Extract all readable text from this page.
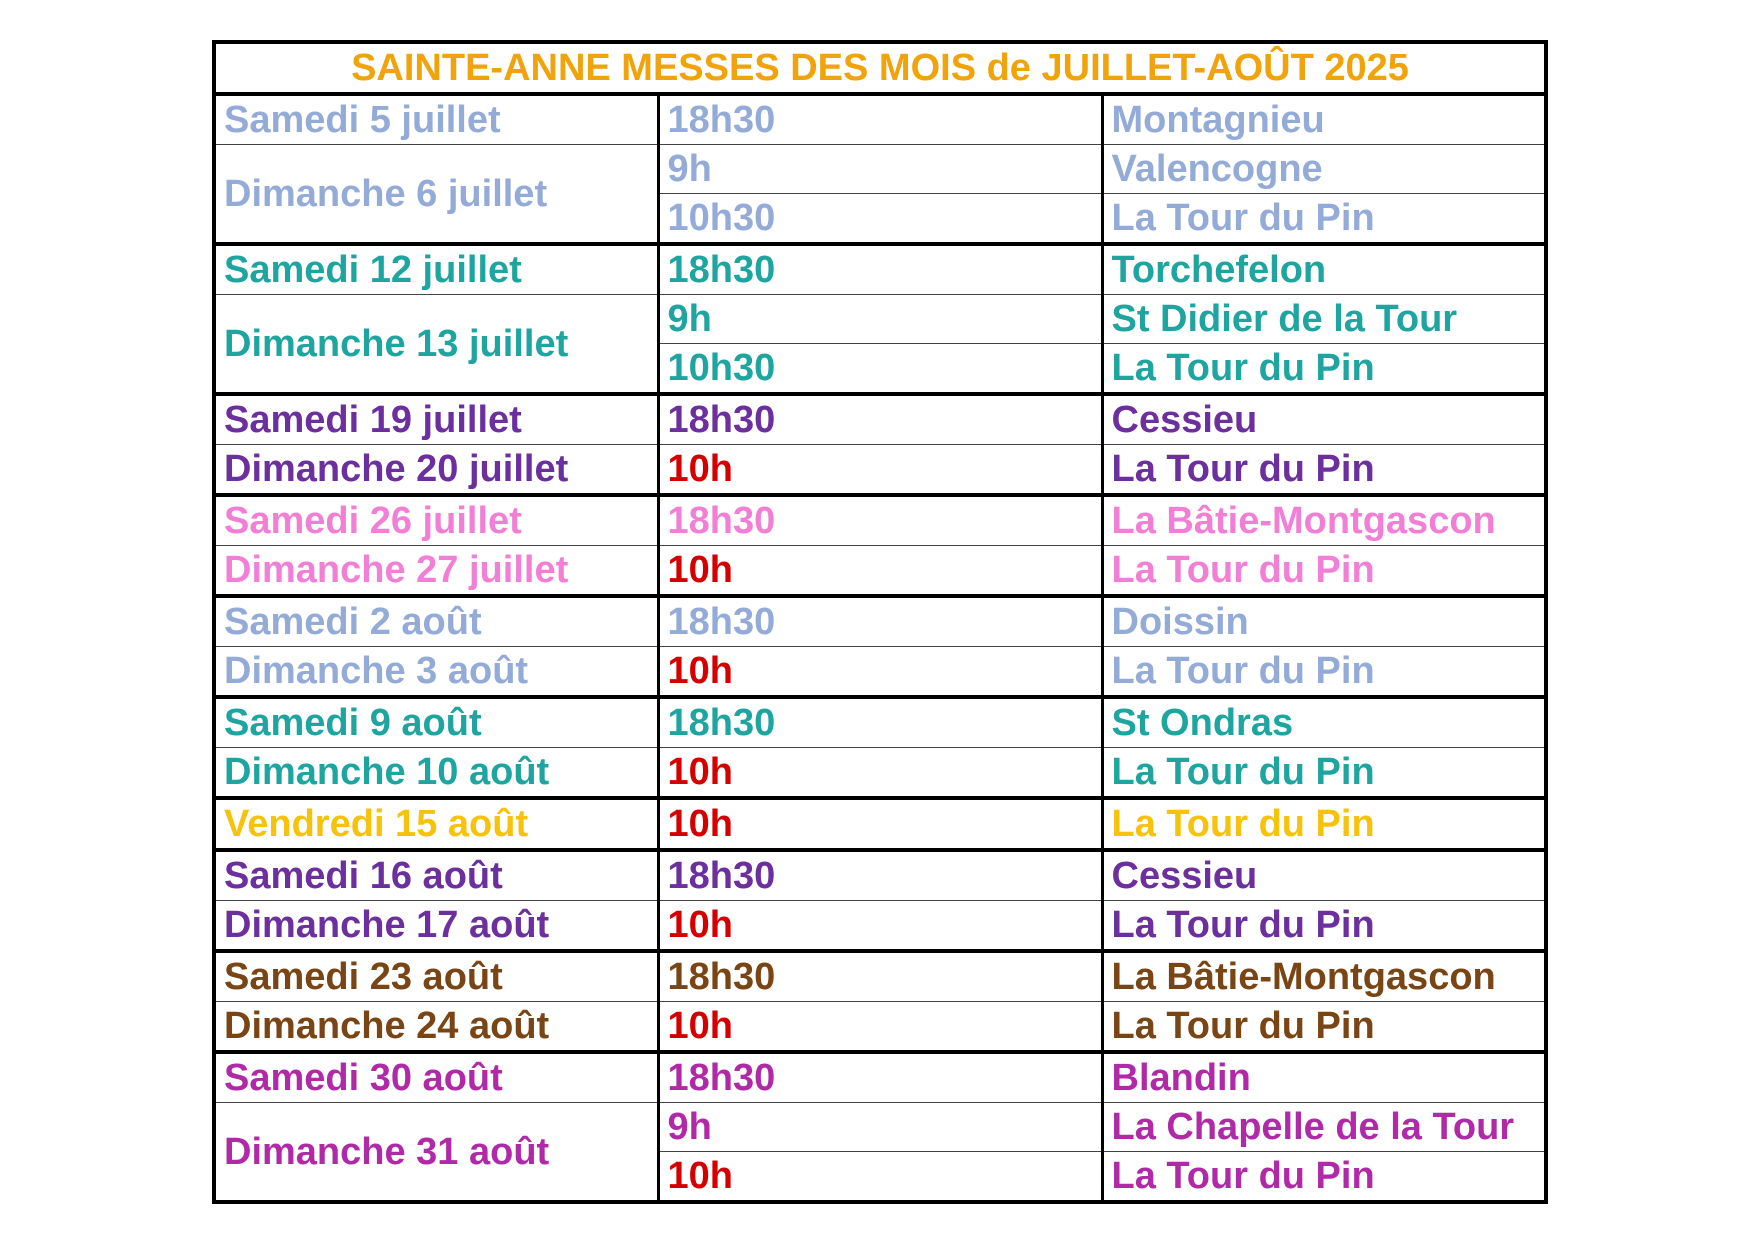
SAINTE-ANNE MESSES DES MOIS de JUILLET-AOÛT 2025		
Samedi 5 juillet	18h30	Montagnieu
Dimanche 6 juillet	9h	Valencogne
	10h30	La Tour du Pin
Samedi 12 juillet	18h30	Torchefelon
Dimanche 13 juillet	9h	St Didier de la Tour
	10h30	La Tour du Pin
Samedi 19 juillet	18h30	Cessieu
Dimanche 20 juillet	10h	La Tour du Pin
Samedi 26 juillet	18h30	La Bâtie-Montgascon
Dimanche 27 juillet	10h	La Tour du Pin
Samedi 2 août	18h30	Doissin
Dimanche 3 août	10h	La Tour du Pin
Samedi 9 août	18h30	St Ondras
Dimanche 10 août	10h	La Tour du Pin
Vendredi 15 août	10h	La Tour du Pin
Samedi 16 août	18h30	Cessieu
Dimanche 17 août	10h	La Tour du Pin
Samedi 23 août	18h30	La Bâtie-Montgascon
Dimanche 24 août	10h	La Tour du Pin
Samedi 30 août	18h30	Blandin
Dimanche 31 août	9h	La Chapelle de la Tour
	10h	La Tour du Pin
